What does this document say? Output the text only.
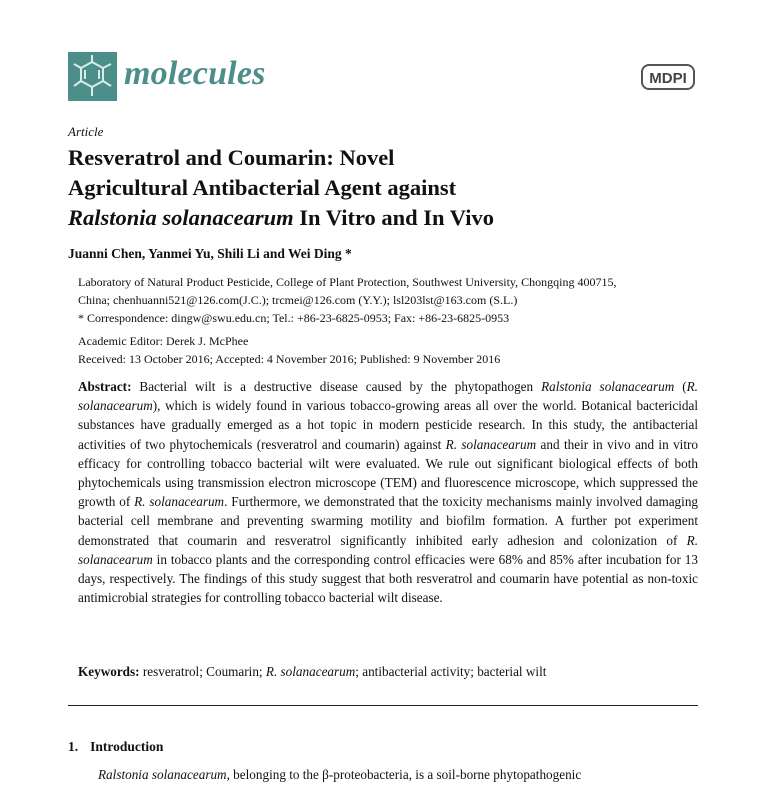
molecules	MDPI
Article
Resveratrol and Coumarin: Novel
Agricultural Antibacterial Agent against
Ralstonia solanacearum In Vitro and In Vivo
Juanni Chen, Yanmei Yu, Shili Li and Wei Ding *
Laboratory of Natural Product Pesticide, College of Plant Protection, Southwest University, Chongqing 400715,
China; chenhuanni521@126.com(J.C.); trcmei@126.com (Y.Y.); lsl203lst@163.com (S.L.)
* Correspondence: dingw@swu.edu.cn; Tel.: +86-23-6825-0953; Fax: +86-23-6825-0953
Academic Editor: Derek J. McPhee
Received: 13 October 2016; Accepted: 4 November 2016; Published: 9 November 2016
Abstract: Bacterial wilt is a destructive disease caused by the phytopathogen Ralstonia solanacearum (R. solanacearum), which is widely found in various tobacco-growing areas all over the world. Botanical bactericidal substances have gradually emerged as a hot topic in modern pesticide research. In this study, the antibacterial activities of two phytochemicals (resveratrol and coumarin) against R. solanacearum and their in vivo and in vitro efficacy for controlling tobacco bacterial wilt were evaluated. We rule out significant biological effects of both phytochemicals using transmission electron microscope (TEM) and fluorescence microscope, which suppressed the growth of R. solanacearum. Furthermore, we demonstrated that the toxicity mechanisms mainly involved damaging bacterial cell membrane and preventing swarming motility and biofilm formation. A further pot experiment demonstrated that coumarin and resveratrol significantly inhibited early adhesion and colonization of R. solanacearum in tobacco plants and the corresponding control efficacies were 68% and 85% after incubation for 13 days, respectively. The findings of this study suggest that both resveratrol and coumarin have potential as non-toxic antimicrobial strategies for controlling tobacco bacterial wilt disease.
Keywords: resveratrol; Coumarin; R. solanacearum; antibacterial activity; bacterial wilt
1. Introduction
Ralstonia solanacearum, belonging to the β-proteobacteria, is a soil-borne phytopathogenic
